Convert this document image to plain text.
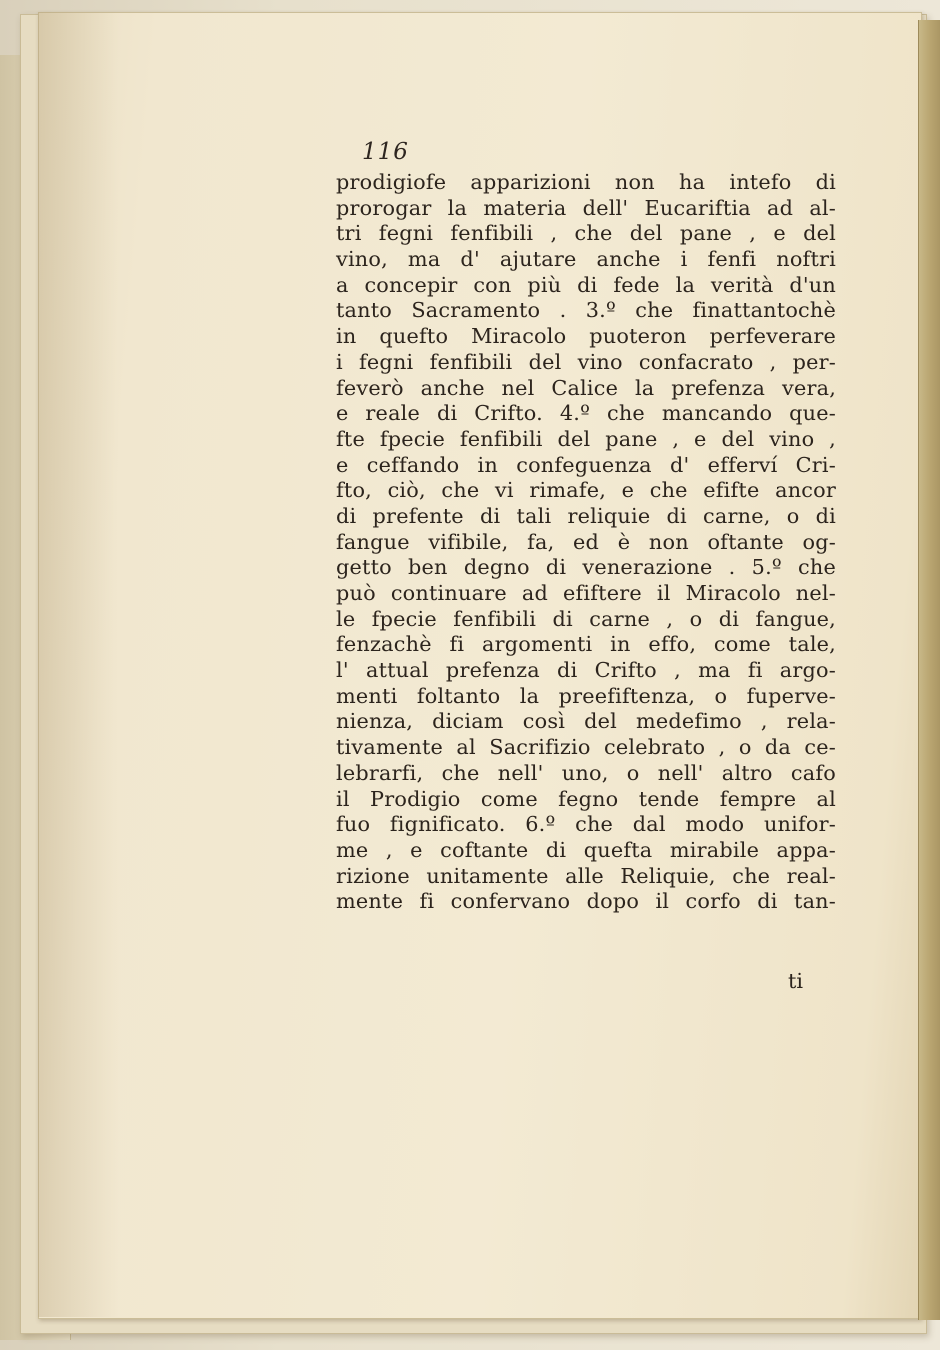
116

prodigiofe apparizioni non ha intefo di
prorogar la materia dell' Eucariftia ad al-
tri fegni fenfibili , che del pane , e del
vino, ma d' ajutare anche i fenfi noftri
a concepir con più di fede la verità d'un
tanto Sacramento . 3.º che finattantochè
in quefto Miracolo puoteron perfeverare
i fegni fenfibili del vino confacrato , per-
feverò anche nel Calice la prefenza vera,
e reale di Crifto. 4.º che mancando que-
fte fpecie fenfibili del pane , e del vino ,
e ceffando in confeguenza d' efferví Cri-
fto, ciò, che vi rimafe, e che efifte ancor
di prefente di tali reliquie di carne, o di
fangue vifibile, fa, ed è non oftante og-
getto ben degno di venerazione . 5.º che
può continuare ad efiftere il Miracolo nel-
le fpecie fenfibili di carne , o di fangue,
fenzachè fi argomenti in effo, come tale,
l' attual prefenza di Crifto , ma fi argo-
menti foltanto la preefiftenza, o fuperve-
nienza, diciam così del medefimo , rela-
tivamente al Sacrifizio celebrato , o da ce-
lebrarfi, che nell' uno, o nell' altro cafo
il Prodigio come fegno tende fempre al
fuo fignificato. 6.º che dal modo unifor-
me , e coftante di quefta mirabile appa-
rizione unitamente alle Reliquie, che real-
mente fi confervano dopo il corfo di tan-

ti
